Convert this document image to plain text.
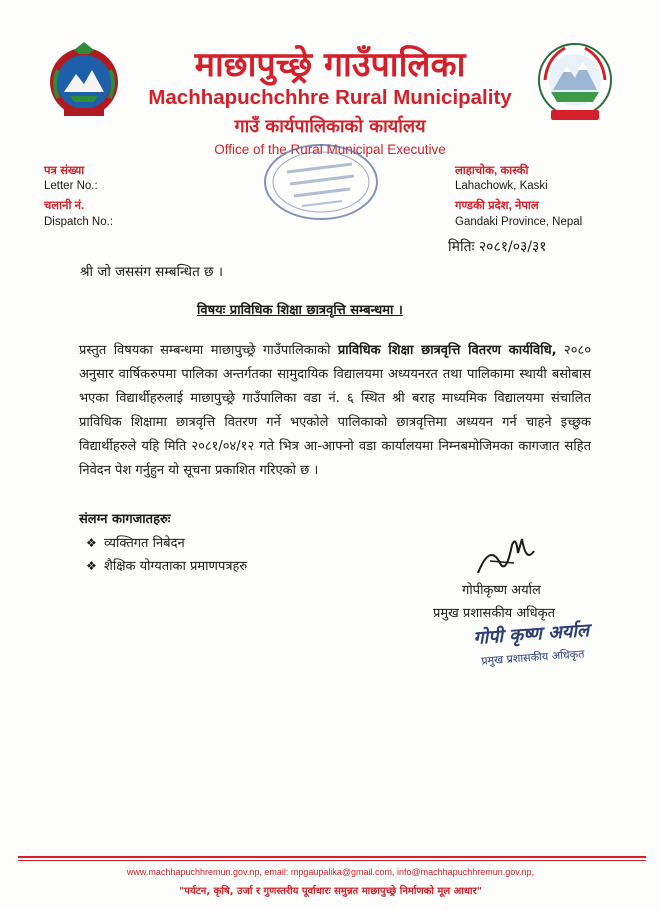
माछापुच्छ्रे गाउँपालिका
Machhapuchchhre Rural Municipality
गाउँ कार्यपालिकाको कार्यालय
Office of the Rural Municipal Executive
पत्र संख्या
Letter No.:
चलानी नं.
Dispatch No.:
लाहाचोक, कास्की
Lahachowk, Kaski
गण्डकी प्रदेश, नेपाल
Gandaki Province, Nepal
मितिः २०८१/०३/३१
श्री जो जससंग सम्बन्धित छ ।
विषयः प्राविधिक शिक्षा छात्रवृत्ति सम्बन्धमा ।
प्रस्तुत विषयका सम्बन्धमा माछापुच्छ्रे गाउँपालिकाको प्राविधिक शिक्षा छात्रवृत्ति वितरण कार्यविधि, २०८० अनुसार वार्षिकरुपमा पालिका अन्तर्गतका सामुदायिक विद्यालयमा अध्ययनरत तथा पालिकामा स्थायी बसोबास भएका विद्यार्थीहरुलाई माछापुच्छ्रे गाउँपालिका वडा नं. ६ स्थित श्री बराह माध्यमिक विद्यालयमा संचालित प्राविधिक शिक्षामा छात्रवृत्ति वितरण गर्ने भएकोले पालिकाको छात्रवृत्तिमा अध्ययन गर्न चाहने इच्छुक विद्यार्थीहरुले यहि मिति २०८१/०४/१२ गते भित्र आ-आफ्नो वडा कार्यालयमा निम्नबमोजिमका कागजात सहित निवेदन पेश गर्नुहुन यो सूचना प्रकाशित गरिएको छ ।
संलग्न कागजातहरुः
❖ व्यक्तिगत निबेदन
❖ शैक्षिक योग्यताका प्रमाणपत्रहरु
गोपीकृष्ण अर्याल
प्रमुख प्रशासकीय अधिकृत
गोपी कृष्ण अर्याल
प्रमुख प्रशासकीय अधिकृत
www.machhapuchhremun.gov.np, email: mpgaupalika@gmail.com, info@machhapuchhremun.gov.np,
"पर्यटन, कृषि, उर्जा र गुणस्तरीय पूर्वाधारः समुन्नत माछापुच्छ्रे निर्माणको मूल आधार"
